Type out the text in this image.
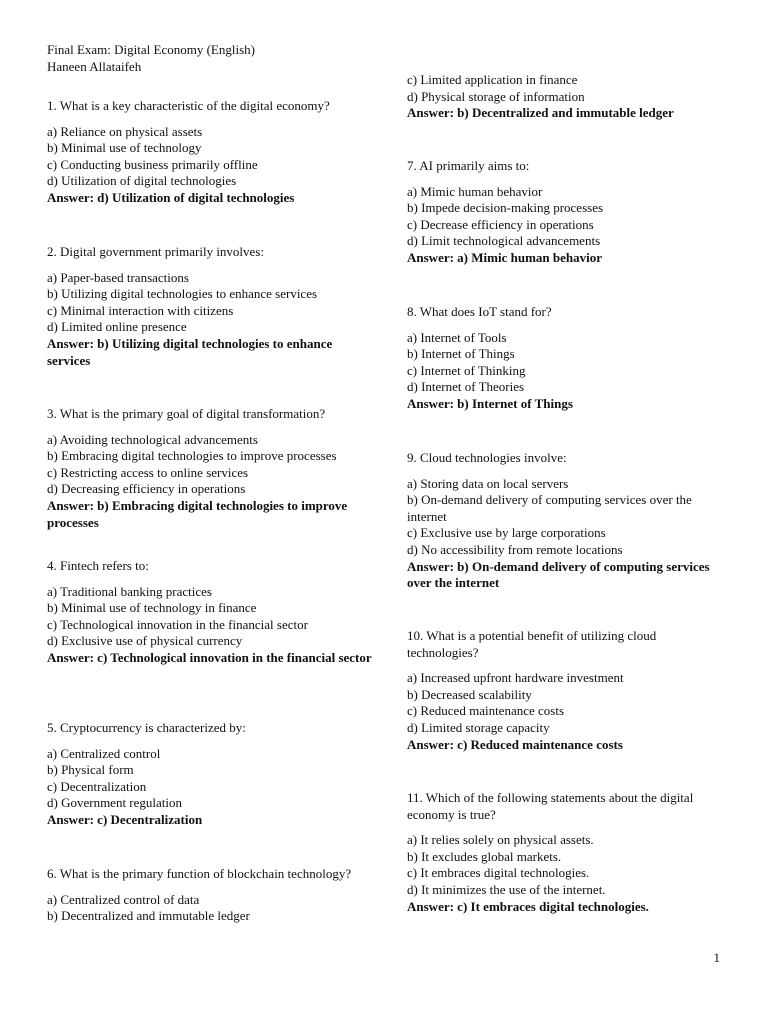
Final Exam: Digital Economy (English)
Haneen Allataifeh

1. What is a key characteristic of the digital economy?

a) Reliance on physical assets

b) Minimal use of technology

c) Conducting business primarily offline

d) Utilization of digital technologies

Answer: d) Utilization of digital technologies

2. Digital government primarily involves:

a) Paper-based transactions

b) Utilizing digital technologies to enhance services

c) Minimal interaction with citizens

d) Limited online presence

Answer: b) Utilizing digital technologies to enhance services

3. What is the primary goal of digital transformation?

a) Avoiding technological advancements

b) Embracing digital technologies to improve processes

c) Restricting access to online services

d) Decreasing efficiency in operations

Answer: b) Embracing digital technologies to improve processes

4. Fintech refers to:

a) Traditional banking practices

b) Minimal use of technology in finance

c) Technological innovation in the financial sector

d) Exclusive use of physical currency

Answer: c) Technological innovation in the financial sector

5. Cryptocurrency is characterized by:

a) Centralized control

b) Physical form

c) Decentralization

d) Government regulation

Answer: c) Decentralization

6. What is the primary function of blockchain technology?

a) Centralized control of data

b) Decentralized and immutable ledger

c) Limited application in finance

d) Physical storage of information

Answer: b) Decentralized and immutable ledger

7. AI primarily aims to:

a) Mimic human behavior

b) Impede decision-making processes

c) Decrease efficiency in operations

d) Limit technological advancements

Answer: a) Mimic human behavior

8. What does IoT stand for?

a) Internet of Tools

b) Internet of Things

c) Internet of Thinking

d) Internet of Theories

Answer: b) Internet of Things

9. Cloud technologies involve:

a) Storing data on local servers

b) On-demand delivery of computing services over the internet

c) Exclusive use by large corporations

d) No accessibility from remote locations

Answer: b) On-demand delivery of computing services over the internet

10. What is a potential benefit of utilizing cloud technologies?

a) Increased upfront hardware investment

b) Decreased scalability

c) Reduced maintenance costs

d) Limited storage capacity

Answer: c) Reduced maintenance costs

11. Which of the following statements about the digital economy is true?

a) It relies solely on physical assets.

b) It excludes global markets.

c) It embraces digital technologies.

d) It minimizes the use of the internet.

Answer: c) It embraces digital technologies.

1
